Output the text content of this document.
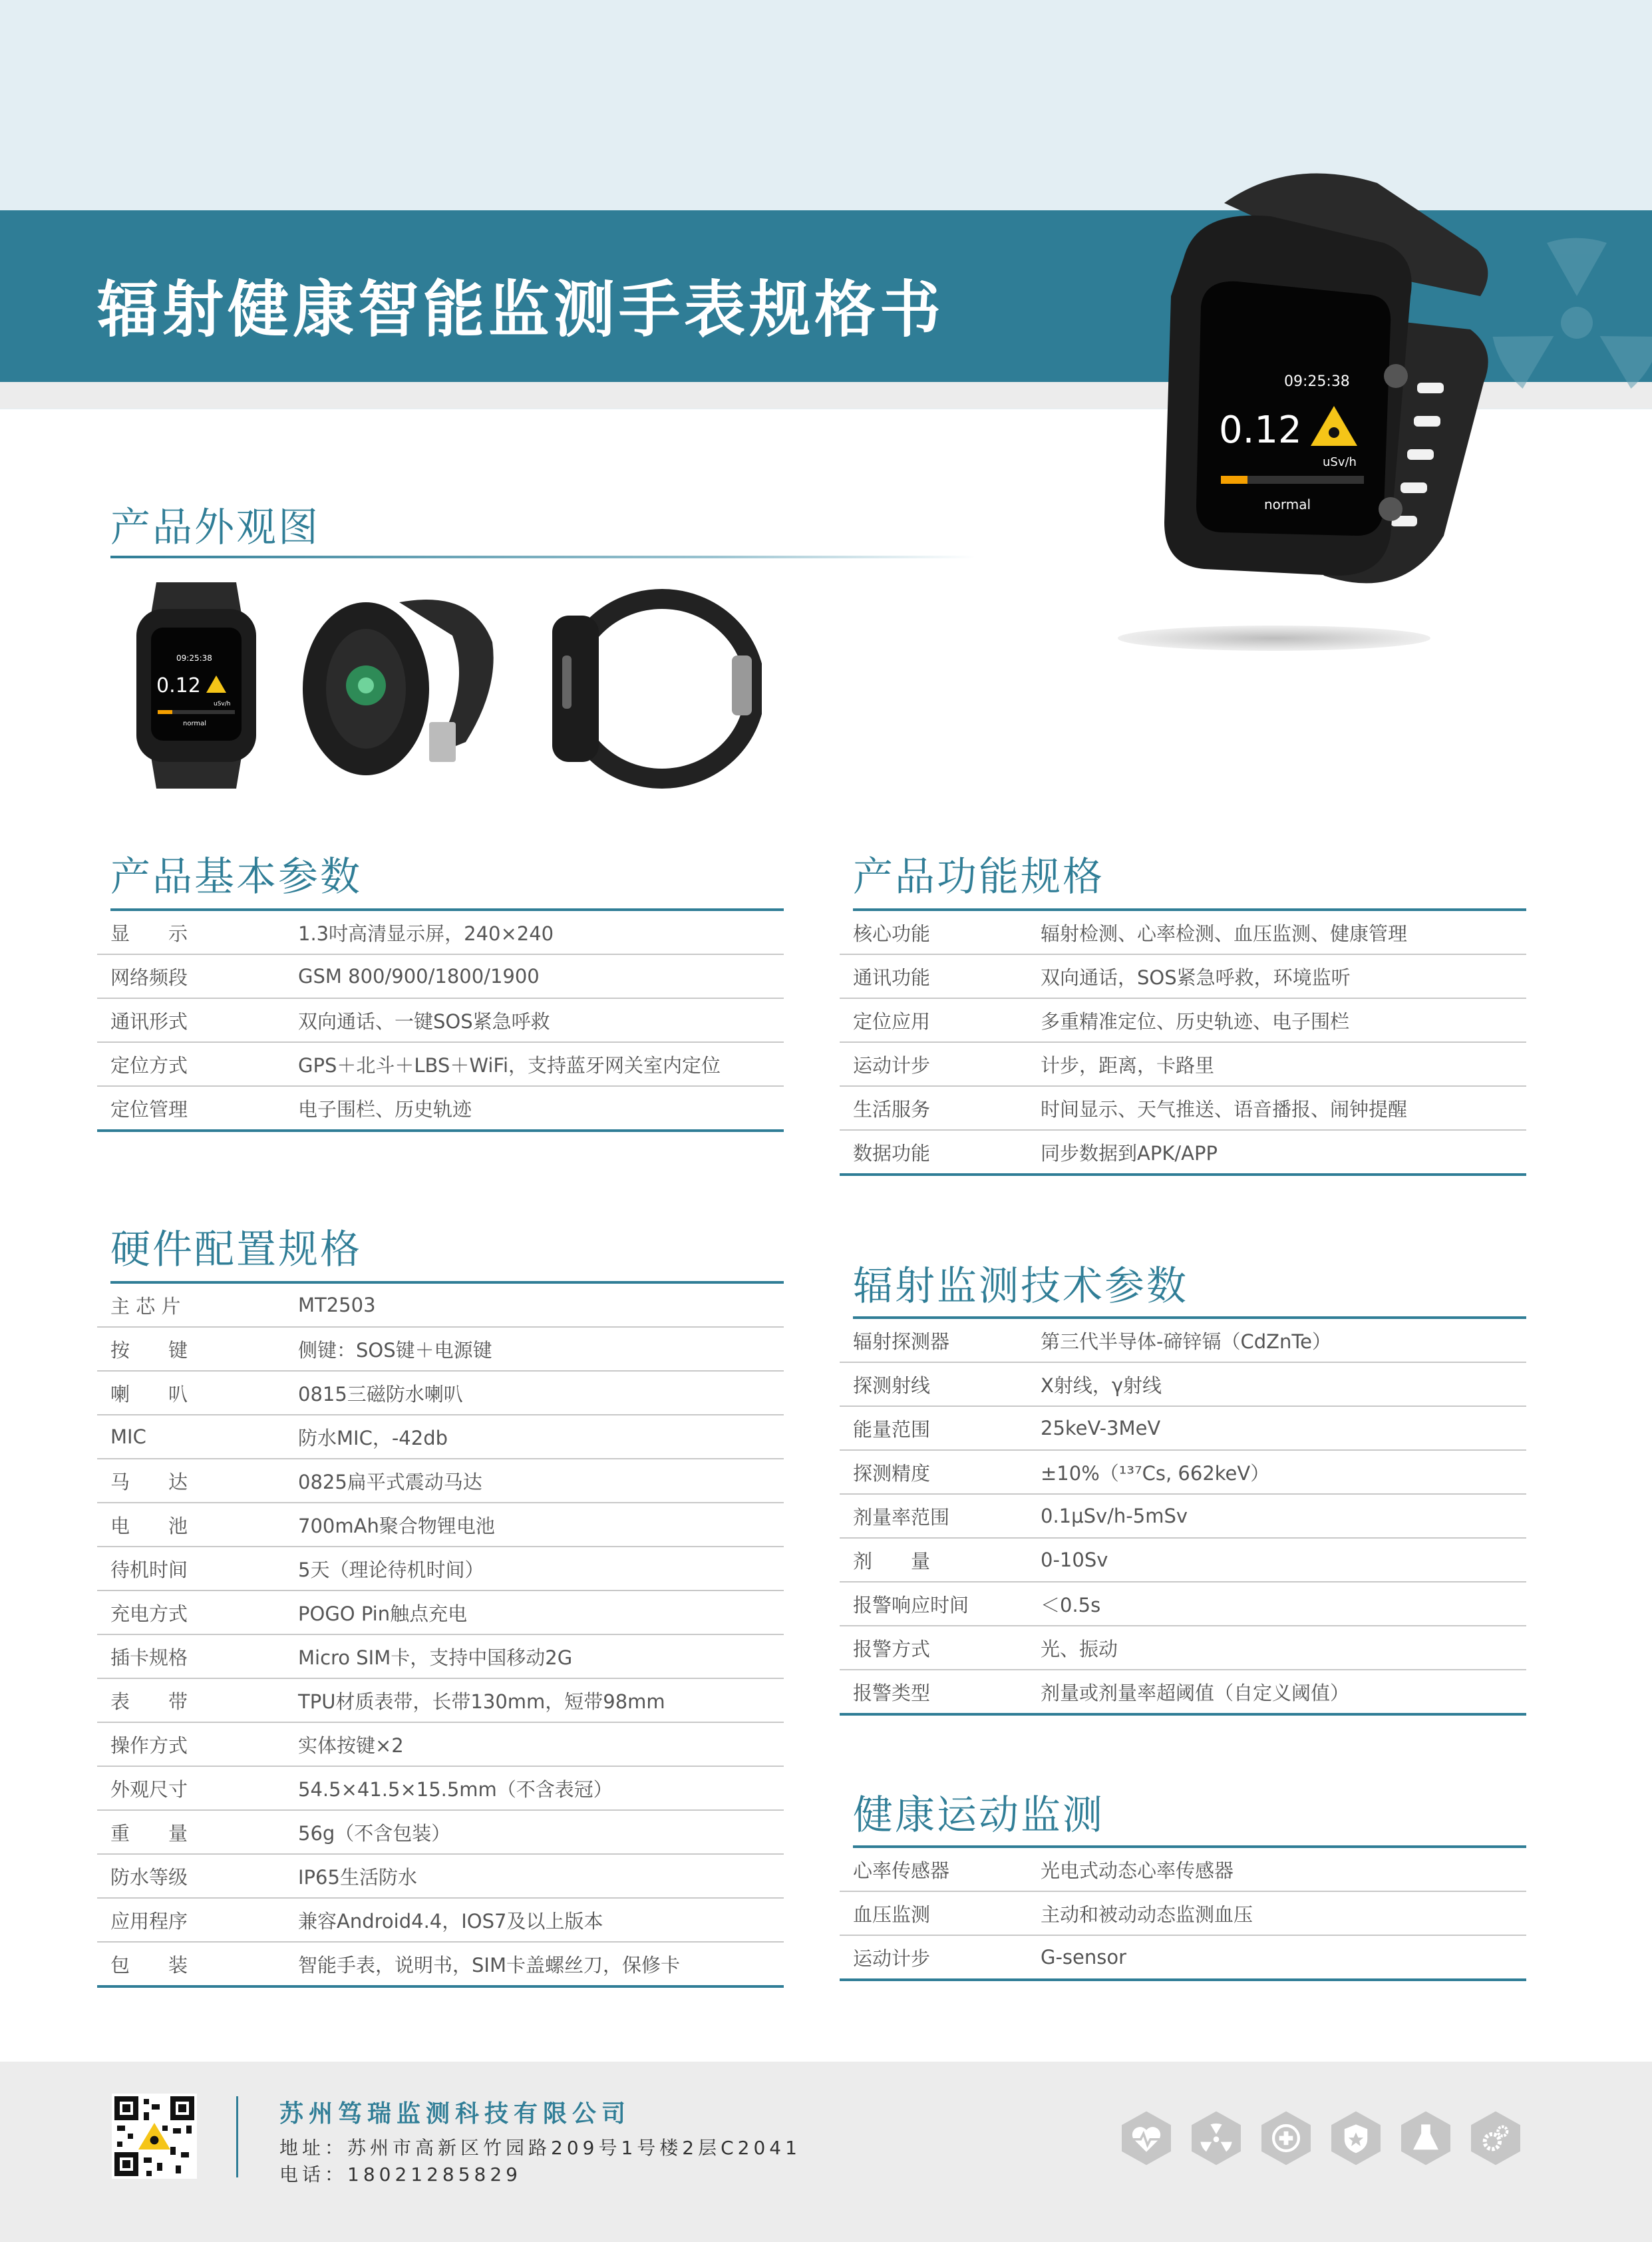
辐射健康智能监测手表规格书
09:25:38
0.12
uSv/h
normal
产品外观图
09:25:38
0.12
uSv/h
normal
产品基本参数
显　　示	1.3吋高清显示屏，240×240
网络频段	GSM 800/900/1800/1900
通讯形式	双向通话、一键SOS紧急呼救
定位方式	GPS＋北斗＋LBS＋WiFi，支持蓝牙网关室内定位
定位管理	电子围栏、历史轨迹
产品功能规格
核心功能	辐射检测、心率检测、血压监测、健康管理
通讯功能	双向通话，SOS紧急呼救，环境监听
定位应用	多重精准定位、历史轨迹、电子围栏
运动计步	计步，距离，卡路里
生活服务	时间显示、天气推送、语音播报、闹钟提醒
数据功能	同步数据到APK/APP
硬件配置规格
主 芯 片	MT2503
按　　键	侧键：SOS键＋电源键
喇　　叭	0815三磁防水喇叭
MIC	防水MIC，-42db
马　　达	0825扁平式震动马达
电　　池	700mAh聚合物锂电池
待机时间	5天（理论待机时间）
充电方式	POGO Pin触点充电
插卡规格	Micro SIM卡，支持中国移动2G
表　　带	TPU材质表带，长带130mm，短带98mm
操作方式	实体按键×2
外观尺寸	54.5×41.5×15.5mm（不含表冠）
重　　量	56g（不含包装）
防水等级	IP65生活防水
应用程序	兼容Android4.4，IOS7及以上版本
包　　装	智能手表，说明书，SIM卡盖螺丝刀，保修卡
辐射监测技术参数
辐射探测器	第三代半导体-碲锌镉（CdZnTe）
探测射线	X射线，γ射线
能量范围	25keV-3MeV
探测精度	±10%（¹³⁷Cs, 662keV）
剂量率范围	0.1μSv/h-5mSv
剂　　量	0-10Sv
报警响应时间	＜0.5s
报警方式	光、振动
报警类型	剂量或剂量率超阈值（自定义阈值）
健康运动监测
心率传感器	光电式动态心率传感器
血压监测	主动和被动动态监测血压
运动计步	G-sensor
苏州笃瑞监测科技有限公司
地址：苏州市高新区竹园路209号1号楼2层C2041
电话：18021285829
